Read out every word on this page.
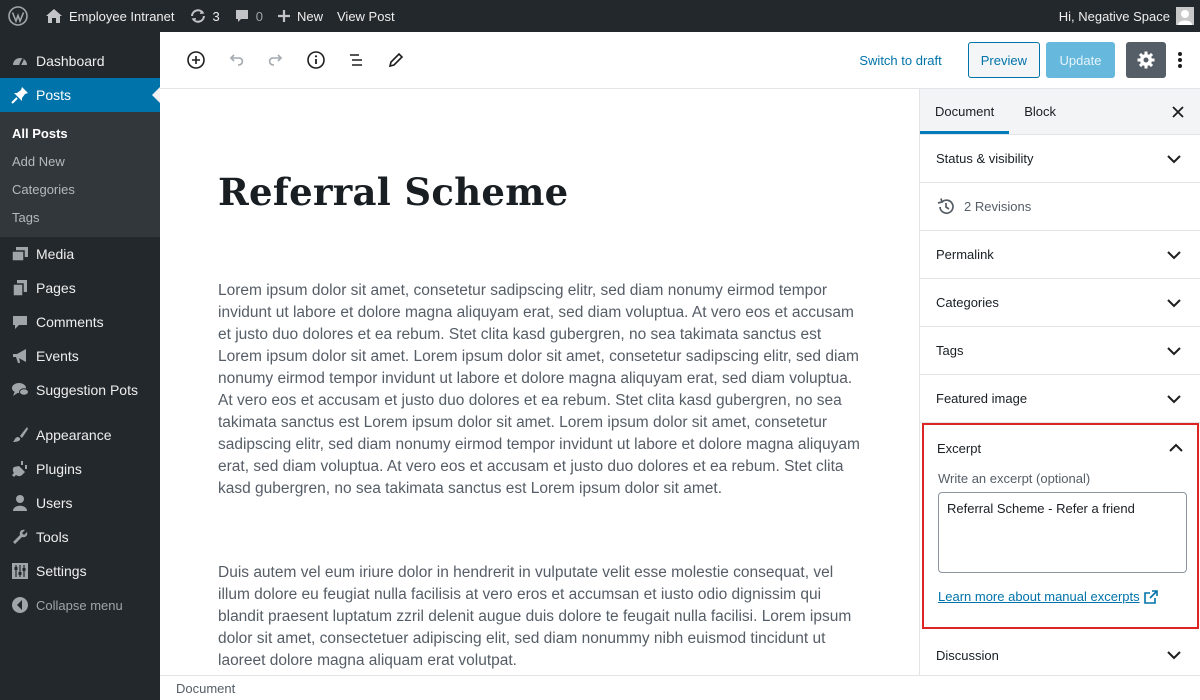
Employee Intranet	3	0	New View Post	Hi, Negative Space
Dashboard
Posts
All Posts
Add New
Categories
Tags
Media
Pages
Comments
Events
Suggestion Pots
Appearance
Plugins
Users
Tools
Settings
Collapse menu
Switch to draft	Preview	Update
Referral Scheme

Lorem ipsum dolor sit amet, consetetur sadipscing elitr, sed diam nonumy eirmod tempor invidunt ut labore et dolore magna aliquyam erat, sed diam voluptua. At vero eos et accusam et justo duo dolores et ea rebum. Stet clita kasd gubergren, no sea takimata sanctus est Lorem ipsum dolor sit amet. Lorem ipsum dolor sit amet, consetetur sadipscing elitr, sed diam nonumy eirmod tempor invidunt ut labore et dolore magna aliquyam erat, sed diam voluptua. At vero eos et accusam et justo duo dolores et ea rebum. Stet clita kasd gubergren, no sea takimata sanctus est Lorem ipsum dolor sit amet. Lorem ipsum dolor sit amet, consetetur sadipscing elitr, sed diam nonumy eirmod tempor invidunt ut labore et dolore magna aliquyam erat, sed diam voluptua. At vero eos et accusam et justo duo dolores et ea rebum. Stet clita kasd gubergren, no sea takimata sanctus est Lorem ipsum dolor sit amet.

Duis autem vel eum iriure dolor in hendrerit in vulputate velit esse molestie consequat, vel illum dolore eu feugiat nulla facilisis at vero eros et accumsan et iusto odio dignissim qui blandit praesent luptatum zzril delenit augue duis dolore te feugait nulla facilisi. Lorem ipsum dolor sit amet, consectetuer adipiscing elit, sed diam nonummy nibh euismod tincidunt ut laoreet dolore magna aliquam erat volutpat.

Document
Document	Block
Status & visibility
2 Revisions
Permalink
Categories
Tags
Featured image
Excerpt
Write an excerpt (optional)
Referral Scheme - Refer a friend
Learn more about manual excerpts
Discussion
